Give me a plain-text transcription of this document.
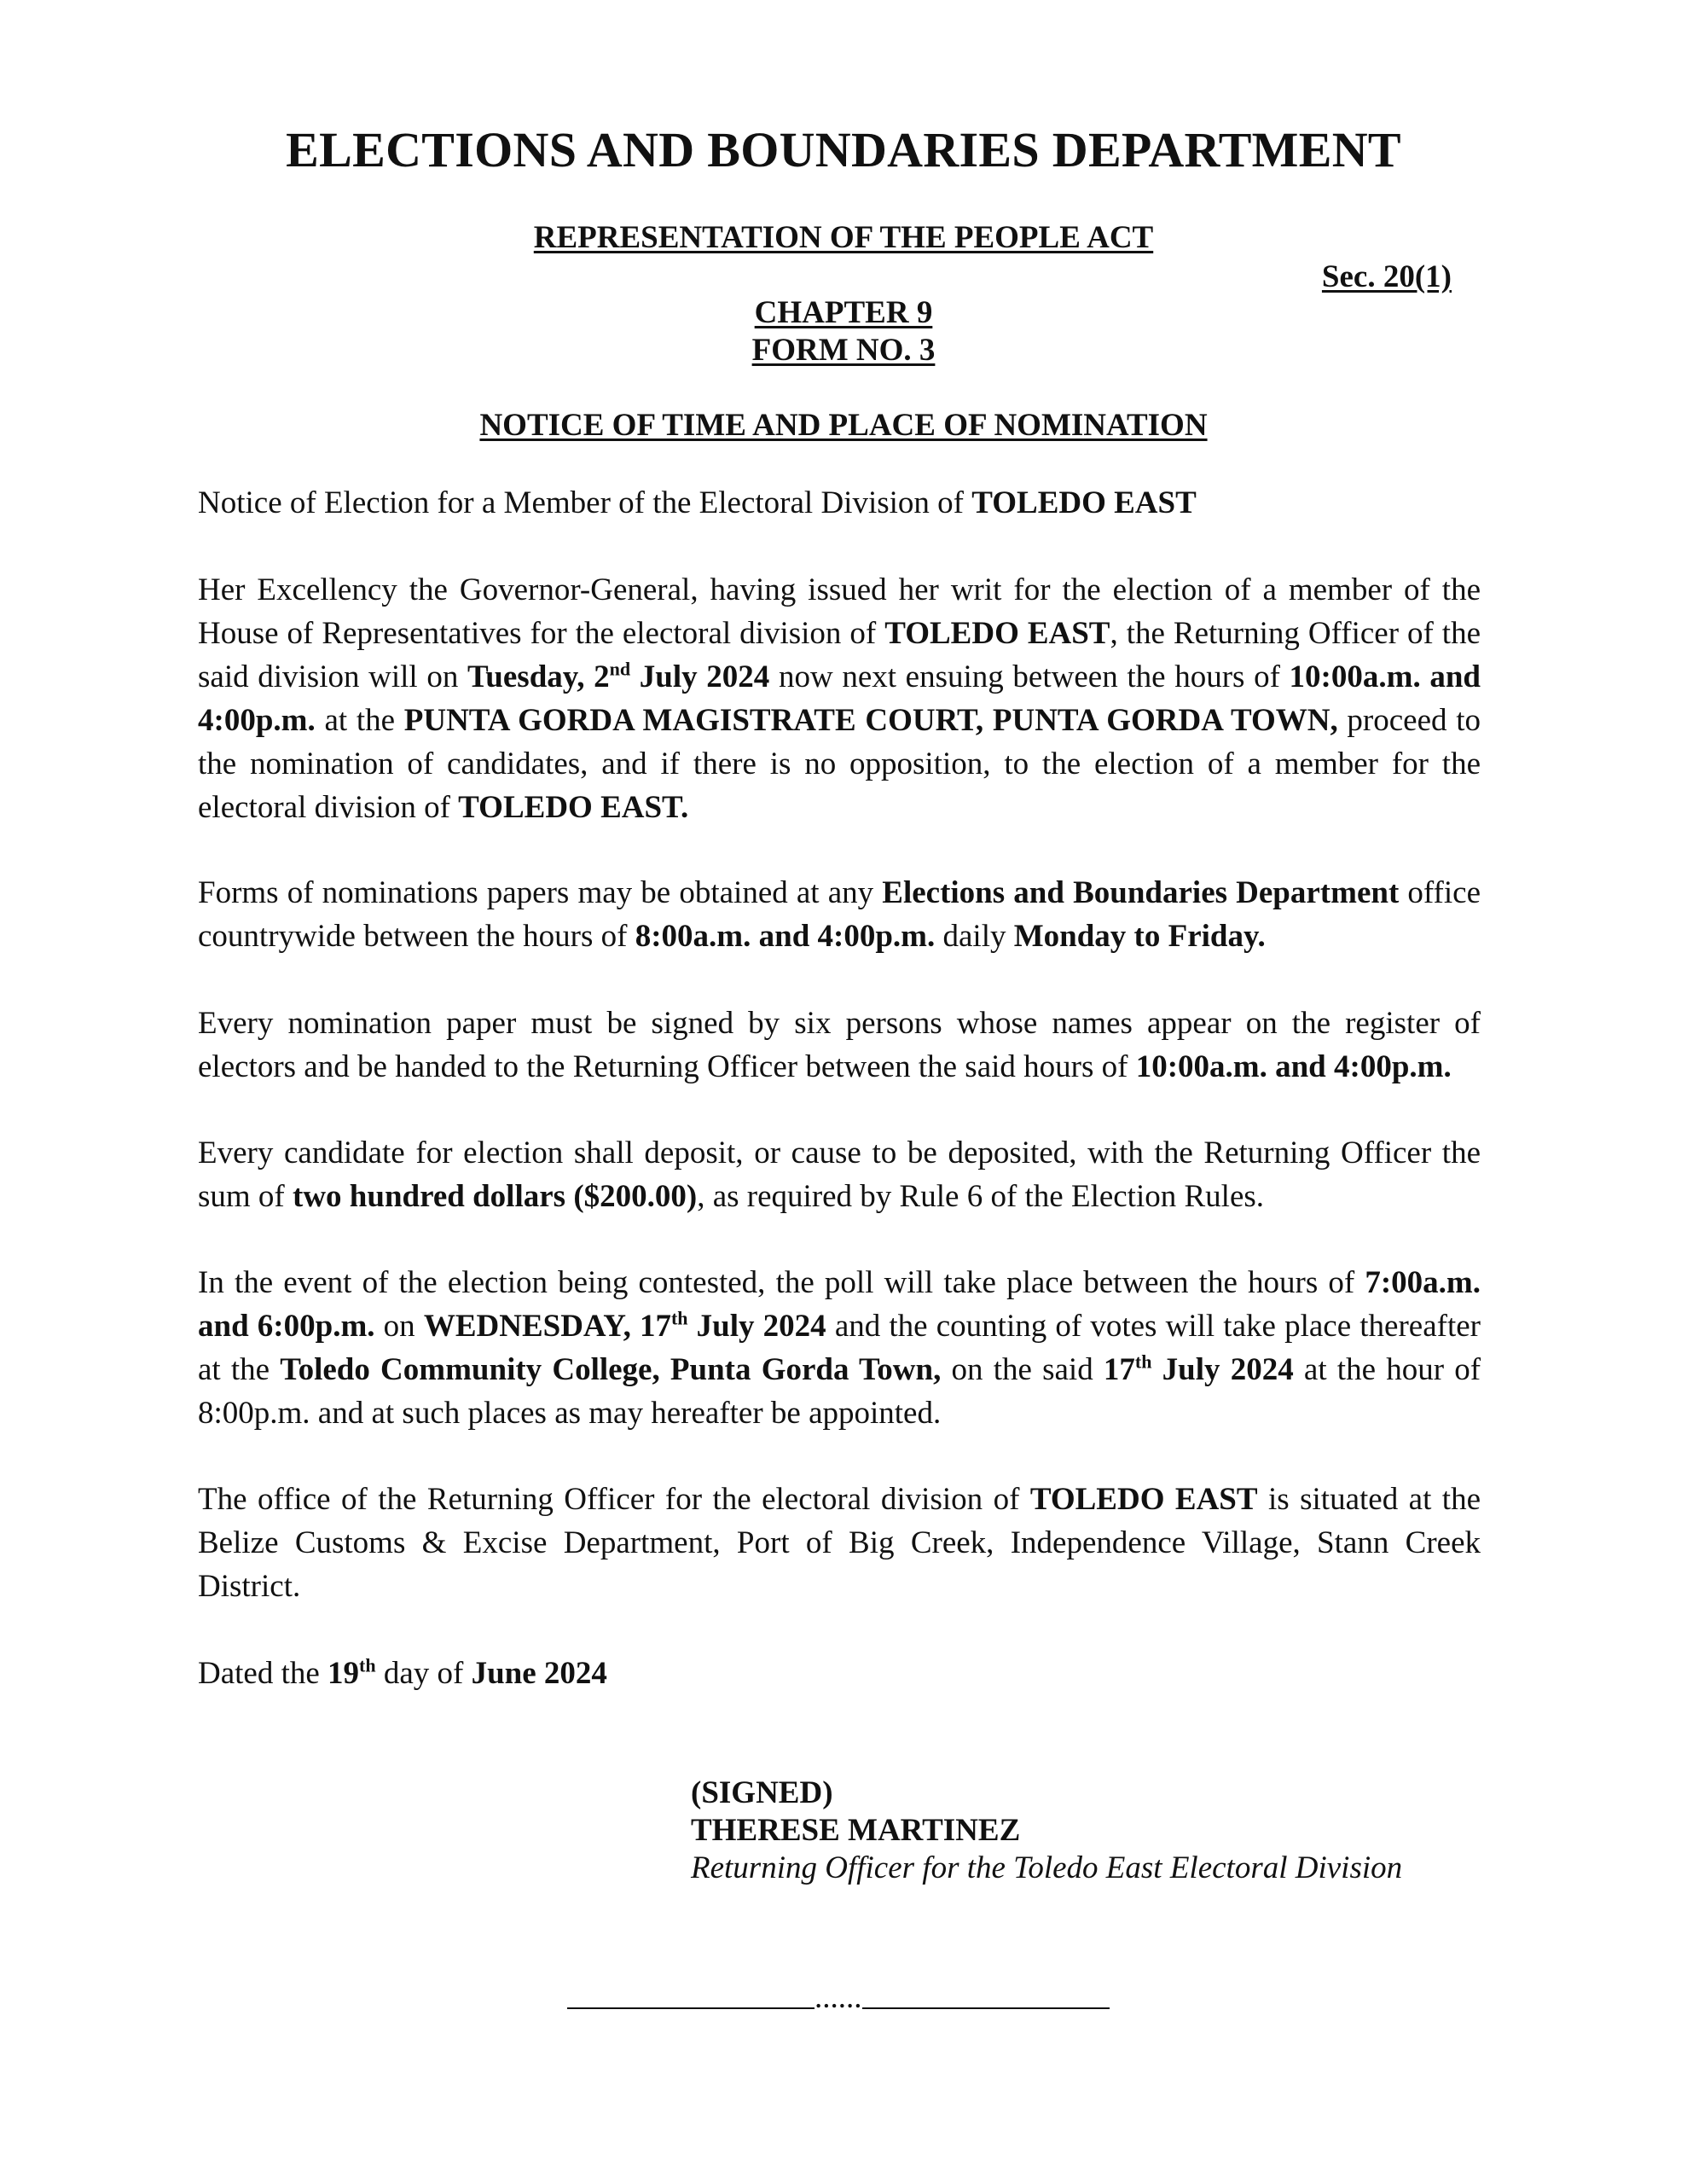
ELECTIONS AND BOUNDARIES DEPARTMENT
REPRESENTATION OF THE PEOPLE ACT
Sec. 20(1)
CHAPTER 9
FORM NO. 3
NOTICE OF TIME AND PLACE OF NOMINATION

Notice of Election for a Member of the Electoral Division of TOLEDO EAST

Her Excellency the Governor-General, having issued her writ for the election of a member of the House of Representatives for the electoral division of TOLEDO EAST, the Returning Officer of the said division will on Tuesday, 2nd July 2024 now next ensuing between the hours of 10:00a.m. and 4:00p.m. at the PUNTA GORDA MAGISTRATE COURT, PUNTA GORDA TOWN, proceed to the nomination of candidates, and if there is no opposition, to the election of a member for the electoral division of TOLEDO EAST.

Forms of nominations papers may be obtained at any Elections and Boundaries Department office countrywide between the hours of 8:00a.m. and 4:00p.m. daily Monday to Friday.

Every nomination paper must be signed by six persons whose names appear on the register of electors and be handed to the Returning Officer between the said hours of 10:00a.m. and 4:00p.m.

Every candidate for election shall deposit, or cause to be deposited, with the Returning Officer the sum of two hundred dollars ($200.00), as required by Rule 6 of the Election Rules.

In the event of the election being contested, the poll will take place between the hours of 7:00a.m. and 6:00p.m. on WEDNESDAY, 17th July 2024 and the counting of votes will take place thereafter at the Toledo Community College, Punta Gorda Town, on the said 17th July 2024 at the hour of 8:00p.m. and at such places as may hereafter be appointed.

The office of the Returning Officer for the electoral division of TOLEDO EAST is situated at the Belize Customs & Excise Department, Port of Big Creek, Independence Village, Stann Creek District.

Dated the 19th day of June 2024

(SIGNED)
THERESE MARTINEZ
Returning Officer for the Toledo East Electoral Division
......
